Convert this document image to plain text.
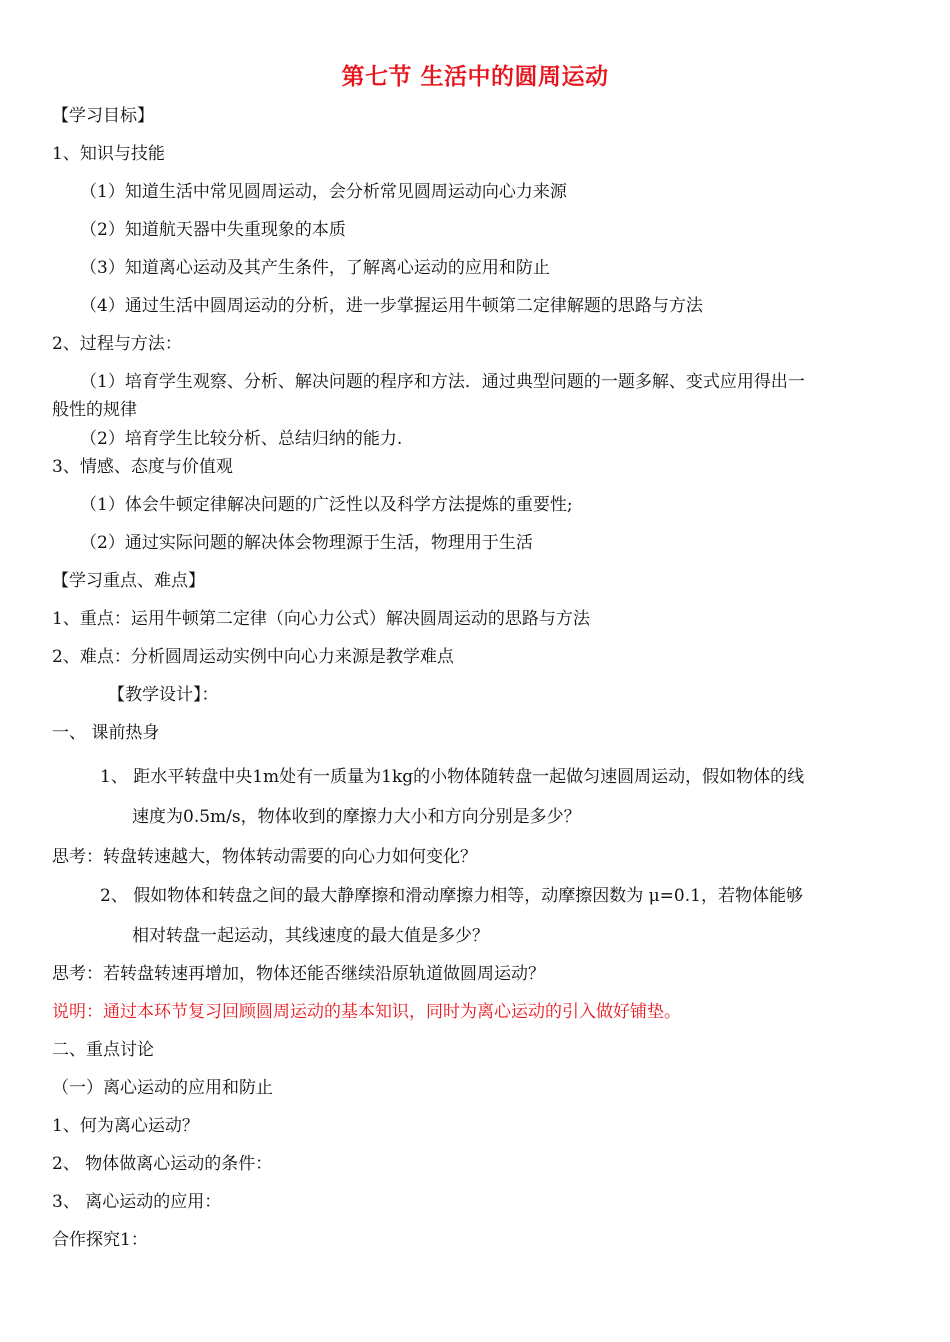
第七节 生活中的圆周运动
【学习目标】
1、知识与技能
（1）知道生活中常见圆周运动，会分析常见圆周运动向心力来源
（2）知道航天器中失重现象的本质
（3）知道离心运动及其产生条件，了解离心运动的应用和防止
（4）通过生活中圆周运动的分析，进一步掌握运用牛顿第二定律解题的思路与方法
2、过程与方法：
（1）培育学生观察、分析、解决问题的程序和方法．通过典型问题的一题多解、变式应用得出一
般性的规律
（2）培育学生比较分析、总结归纳的能力.
3、情感、态度与价值观
（1）体会牛顿定律解决问题的广泛性以及科学方法提炼的重要性;
（2）通过实际问题的解决体会物理源于生活，物理用于生活
【学习重点、难点】
1、重点：运用牛顿第二定律（向心力公式）解决圆周运动的思路与方法
2、难点：分析圆周运动实例中向心力来源是教学难点
【教学设计】：
一、 课前热身
1、 距水平转盘中央1m处有一质量为1kg的小物体随转盘一起做匀速圆周运动，假如物体的线
速度为0.5m/s，物体收到的摩擦力大小和方向分别是多少？
思考：转盘转速越大，物体转动需要的向心力如何变化？
2、 假如物体和转盘之间的最大静摩擦和滑动摩擦力相等，动摩擦因数为 μ=0.1，若物体能够
相对转盘一起运动，其线速度的最大值是多少？
思考：若转盘转速再增加，物体还能否继续沿原轨道做圆周运动？
说明：通过本环节复习回顾圆周运动的基本知识，同时为离心运动的引入做好铺垫。
二、重点讨论
（一）离心运动的应用和防止
1、何为离心运动？
2、 物体做离心运动的条件：
3、 离心运动的应用：
合作探究1：
